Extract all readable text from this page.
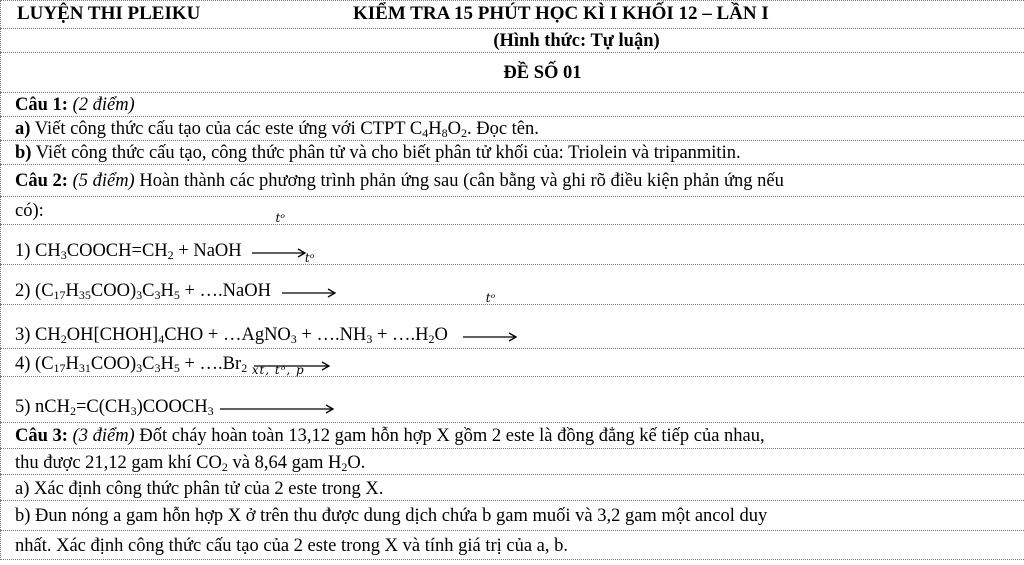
LUYỆN THI PLEIKU	KIỂM TRA 15 PHÚT HỌC KÌ I KHỐI 12 – LẦN I
(Hình thức: Tự luận)
ĐỀ SỐ 01
Câu 1: (2 điểm)
a) Viết công thức cấu tạo của các este ứng với CTPT $C_4H_8O_2$. Đọc tên.
b) Viết công thức cấu tạo, công thức phân tử và cho biết phân tử khối của: Triolein và tripanmitin.
Câu 2: (5 điểm) Hoàn thành các phương trình phản ứng sau (cân bằng và ghi rõ điều kiện phản ứng nếu
có):
1) $CH_3COOCH=CH_2$ + NaOH
tᵒ
2) $(C_{17}H_{35}COO)_3C_3H_5$ + ….NaOH
tᵒ
3) $CH_2OH[CHOH]_4CHO$ + …AgNO$_3$ + $\dots.NH_3$ + $\dots.H_2O$
tᵒ
4) $(C_{17}H_{31}COO)_3C_3H_5$ + $\dots.Br_2$
5) $nCH_2=C(CH_3)COOCH_3$
xt, tᵒ, p
Câu 3: (3 điểm) Đốt cháy hoàn toàn 13,12 gam hỗn hợp X gồm 2 este là đồng đẳng kế tiếp của nhau,
thu được 21,12 gam khí $CO_2$ và 8,64 gam $H_2O$.
a) Xác định công thức phân tử của 2 este trong X.
b) Đun nóng a gam hỗn hợp X ở trên thu được dung dịch chứa b gam muối và 3,2 gam một ancol duy
nhất. Xác định công thức cấu tạo của 2 este trong X và tính giá trị của a, b.
